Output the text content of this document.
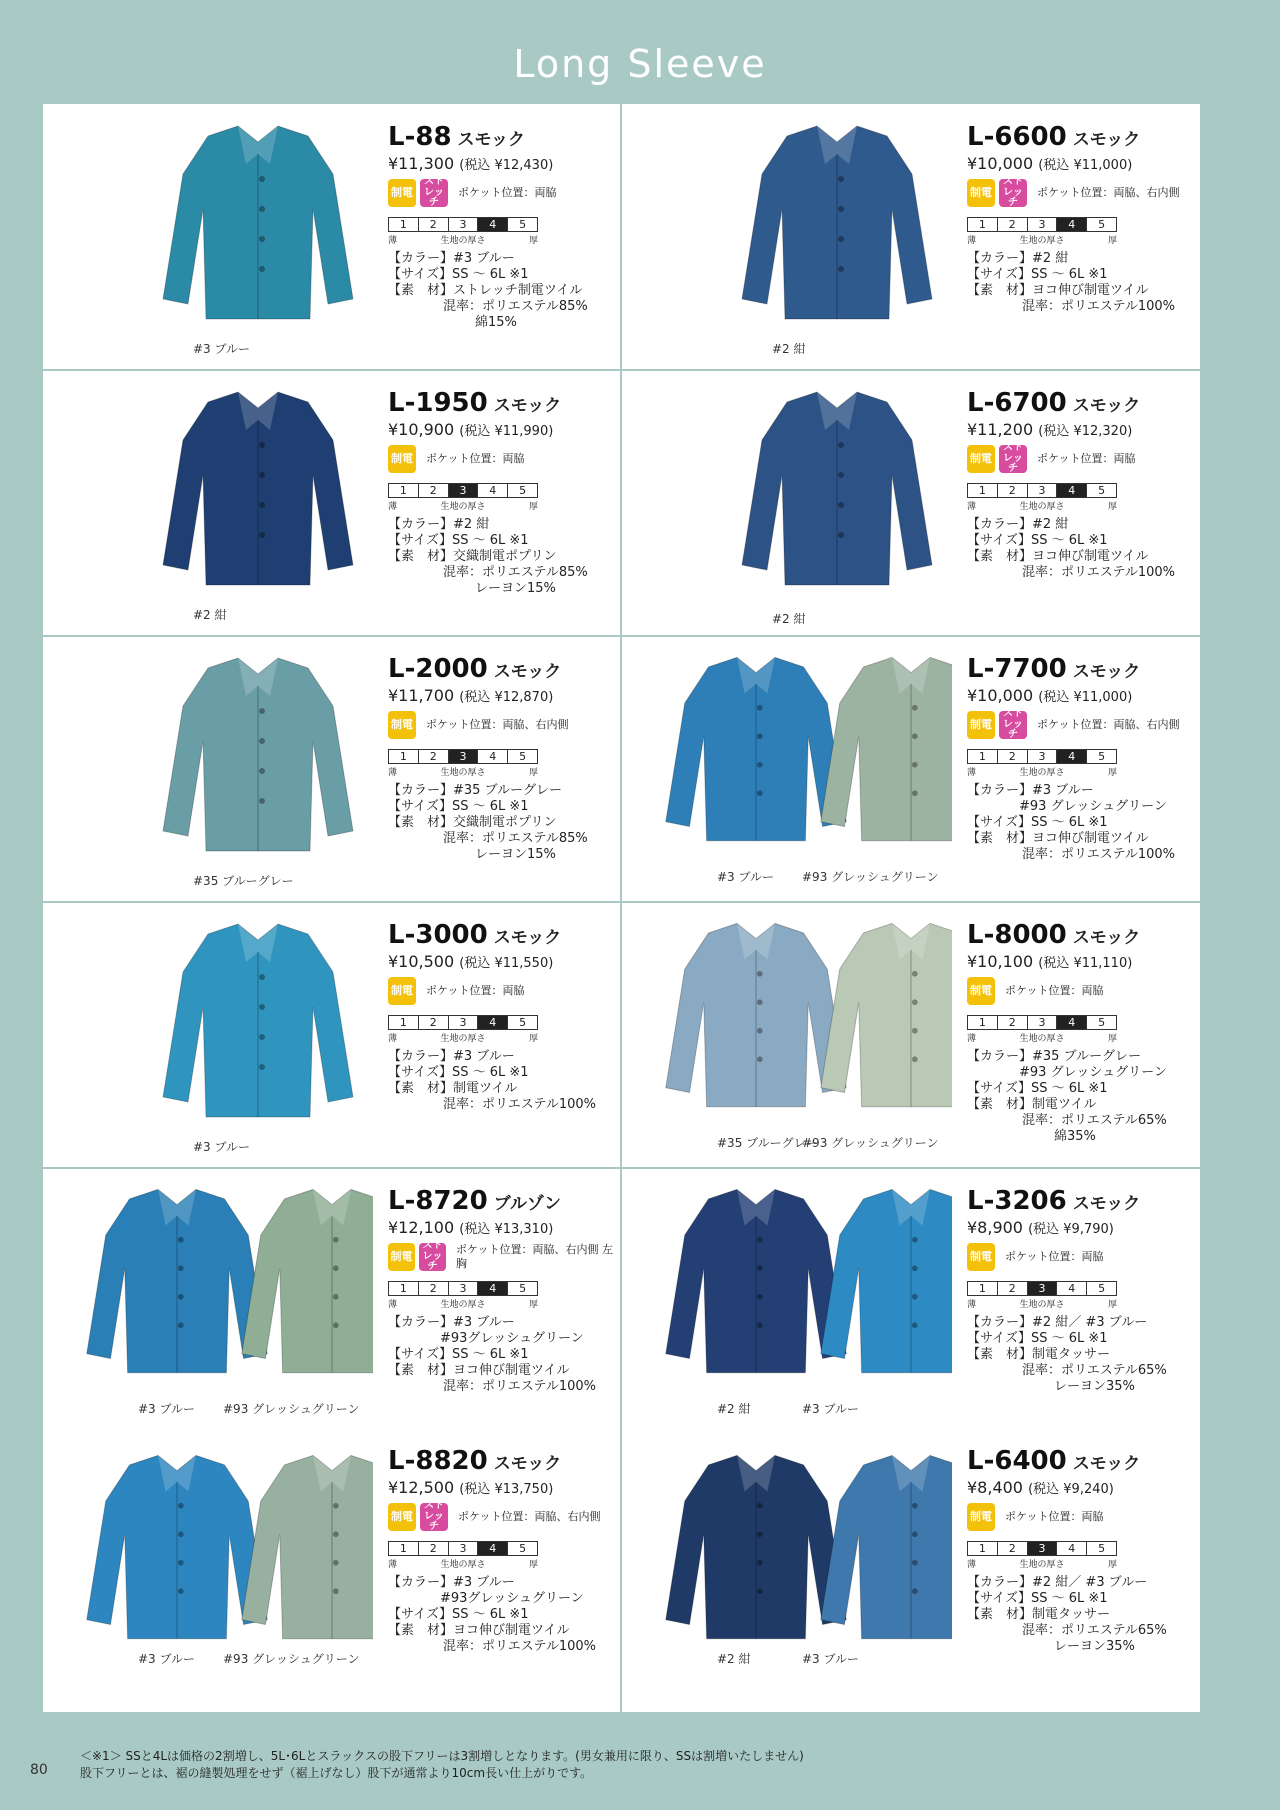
Long Sleeve
#3 ブルー
L-88 スモック
¥11,300 (税込 ¥12,430)
制電
ストレッチ
ポケット位置：両脇
1	2	3	4	5
薄	生地の厚さ	厚
【カラー】#3 ブルー
【サイズ】SS ～ 6L ※1
【素　材】ストレッチ制電ツイル
混率：ポリエステル85%
綿15%
#2 紺
L-6600 スモック
¥10,000 (税込 ¥11,000)
制電
ストレッチ
ポケット位置：両脇、右内側
1	2	3	4	5
薄	生地の厚さ	厚
【カラー】#2 紺
【サイズ】SS ～ 6L ※1
【素　材】ヨコ伸び制電ツイル
混率：ポリエステル100%
#2 紺
L-1950 スモック
¥10,900 (税込 ¥11,990)
制電 ポケット位置：両脇
1	2	3	4	5
薄	生地の厚さ	厚
【カラー】#2 紺
【サイズ】SS ～ 6L ※1
【素　材】交織制電ポプリン
混率：ポリエステル85%
レーヨン15%
#2 紺
L-6700 スモック
¥11,200 (税込 ¥12,320)
制電
ストレッチ
ポケット位置：両脇
1	2	3	4	5
薄	生地の厚さ	厚
【カラー】#2 紺
【サイズ】SS ～ 6L ※1
【素　材】ヨコ伸び制電ツイル
混率：ポリエステル100%
#35 ブルーグレー
L-2000 スモック
¥11,700 (税込 ¥12,870)
制電 ポケット位置：両脇、右内側
1	2	3	4	5
薄	生地の厚さ	厚
【カラー】#35 ブルーグレー
【サイズ】SS ～ 6L ※1
【素　材】交織制電ポプリン
混率：ポリエステル85%
レーヨン15%
#3 ブルー #93 グレッシュグリーン
L-7700 スモック
¥10,000 (税込 ¥11,000)
制電
ストレッチ
ポケット位置：両脇、右内側
1	2	3	4	5
薄	生地の厚さ	厚
【カラー】#3 ブルー
　　　　#93 グレッシュグリーン
【サイズ】SS ～ 6L ※1
【素　材】ヨコ伸び制電ツイル
混率：ポリエステル100%
#3 ブルー
L-3000 スモック
¥10,500 (税込 ¥11,550)
制電 ポケット位置：両脇
1	2	3	4	5
薄	生地の厚さ	厚
【カラー】#3 ブルー
【サイズ】SS ～ 6L ※1
【素　材】制電ツイル
混率：ポリエステル100%
#35 ブルーグレー
#93 グレッシュグリーン
L-8000 スモック
¥10,100 (税込 ¥11,110)
制電 ポケット位置：両脇
1	2	3	4	5
薄	生地の厚さ	厚
【カラー】#35 ブルーグレー
　　　　#93 グレッシュグリーン
【サイズ】SS ～ 6L ※1
【素　材】制電ツイル
混率：ポリエステル65%
綿35%
#3 ブルー #93 グレッシュグリーン
L-8720 ブルゾン
¥12,100 (税込 ¥13,310)
制電
ストレッチ
ポケット位置：両脇、右内側 左胸
1	2	3	4	5
薄	生地の厚さ	厚
【カラー】#3 ブルー
　　　　#93グレッシュグリーン
【サイズ】SS ～ 6L ※1
【素　材】ヨコ伸び制電ツイル
混率：ポリエステル100%
#2 紺	#3 ブルー
L-3206 スモック
¥8,900 (税込 ¥9,790)
制電 ポケット位置：両脇
1	2	3	4	5
薄	生地の厚さ	厚
【カラー】#2 紺／ #3 ブルー
【サイズ】SS ～ 6L ※1
【素　材】制電タッサー
混率：ポリエステル65%
レーヨン35%
#3 ブルー #93 グレッシュグリーン
L-8820 スモック
¥12,500 (税込 ¥13,750)
制電
ストレッチ
ポケット位置：両脇、右内側
1	2	3	4	5
薄	生地の厚さ	厚
【カラー】#3 ブルー
　　　　#93グレッシュグリーン
【サイズ】SS ～ 6L ※1
【素　材】ヨコ伸び制電ツイル
混率：ポリエステル100%
#2 紺	#3 ブルー
L-6400 スモック
¥8,400 (税込 ¥9,240)
制電 ポケット位置：両脇
1	2	3	4	5
薄	生地の厚さ	厚
【カラー】#2 紺／ #3 ブルー
【サイズ】SS ～ 6L ※1
【素　材】制電タッサー
混率：ポリエステル65%
レーヨン35%
＜※1＞ SSと4Lは価格の2割増し、5L･6Lとスラックスの股下フリーは3割増しとなります。(男女兼用に限り、SSは割増いたしません)
股下フリーとは、裾の縫製処理をせず（裾上げなし）股下が通常より10cm長い仕上がりです。
80
